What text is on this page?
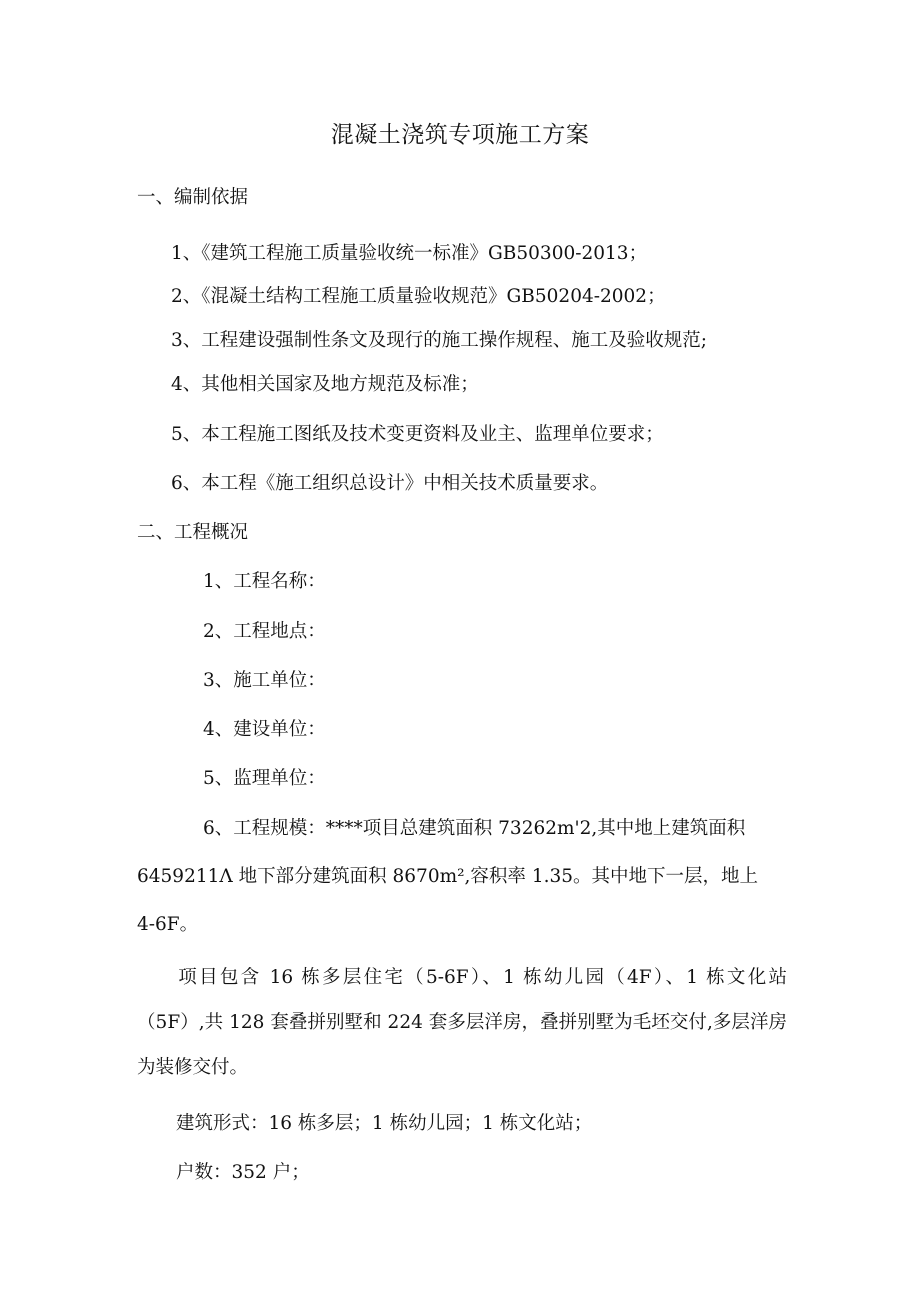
混凝土浇筑专项施工方案
一、编制依据
1、《建筑工程施工质量验收统一标准》GB50300-2013；
2、《混凝土结构工程施工质量验收规范》GB50204-2002；
3、工程建设强制性条文及现行的施工操作规程、施工及验收规范;
4、其他相关国家及地方规范及标准；
5、本工程施工图纸及技术变更资料及业主、监理单位要求；
6、本工程《施工组织总设计》中相关技术质量要求。
二、工程概况
1、工程名称：
2、工程地点：
3、施工单位：
4、建设单位：
5、监理单位：
6、工程规模：****项目总建筑面积 73262m'2,其中地上建筑面积
6459211Λ 地下部分建筑面积 8670m²,容积率 1.35。其中地下一层，地上
4-6F。
项目包含 16 栋多层住宅（5-6F）、1 栋幼儿园（4F）、1 栋文化站（5F）,共 128 套叠拼别墅和 224 套多层洋房，叠拼别墅为毛坯交付,多层洋房为装修交付。
建筑形式：16 栋多层；1 栋幼儿园；1 栋文化站；
户数：352 户；
